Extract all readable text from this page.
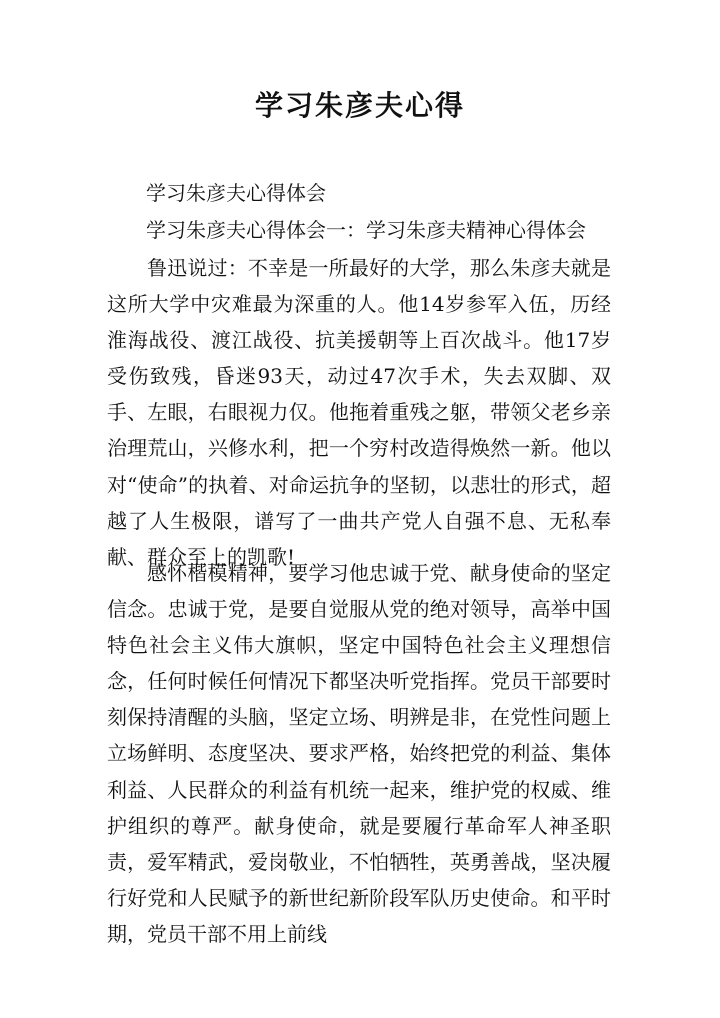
学习朱彦夫心得

学习朱彦夫心得体会

学习朱彦夫心得体会一：学习朱彦夫精神心得体会

鲁迅说过：不幸是一所最好的大学，那么朱彦夫就是这所大学中灾难最为深重的人。他14岁参军入伍，历经淮海战役、渡江战役、抗美援朝等上百次战斗。他17岁受伤致残，昏迷93天，动过47次手术，失去双脚、双手、左眼，右眼视力仅。他拖着重残之躯，带领父老乡亲治理荒山，兴修水利，把一个穷村改造得焕然一新。他以对“使命”的执着、对命运抗争的坚韧，以悲壮的形式，超越了人生极限，谱写了一曲共产党人自强不息、无私奉献、群众至上的凯歌!

感怀楷模精神，要学习他忠诚于党、献身使命的坚定信念。忠诚于党，是要自觉服从党的绝对领导，高举中国特色社会主义伟大旗帜，坚定中国特色社会主义理想信念，任何时候任何情况下都坚决听党指挥。党员干部要时刻保持清醒的头脑，坚定立场、明辨是非，在党性问题上立场鲜明、态度坚决、要求严格，始终把党的利益、集体利益、人民群众的利益有机统一起来，维护党的权威、维护组织的尊严。献身使命，就是要履行革命军人神圣职责，爱军精武，爱岗敬业，不怕牺牲，英勇善战，坚决履行好党和人民赋予的新世纪新阶段军队历史使命。和平时期，党员干部不用上前线
